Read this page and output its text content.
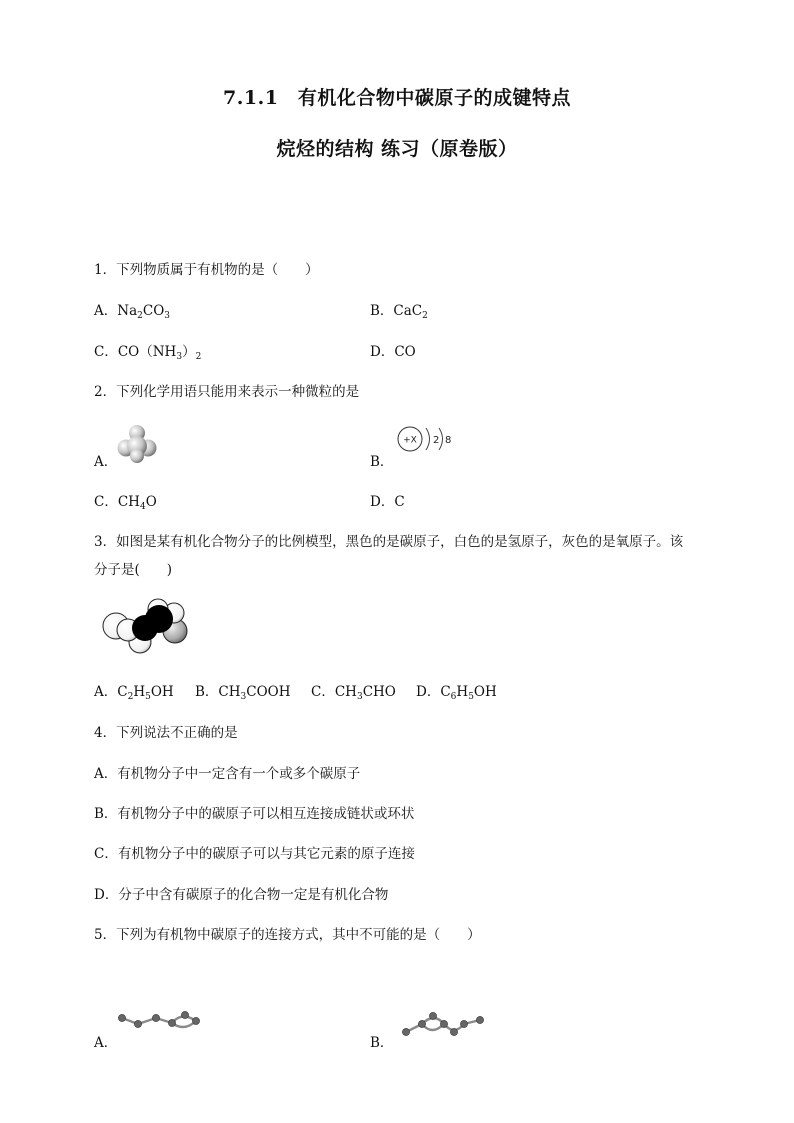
7.1.1　有机化合物中碳原子的成键特点
烷烃的结构 练习（原卷版）
1．下列物质属于有机物的是（　　）
A．$Na_2CO_3$	B．CaC$_2$
C．$CO(NH_3)_2$	D．CO
2．下列化学用语只能用来表示一种微粒的是
A．	B．
+X 2 8
C．$CH_4O$	D．C
3．如图是某有机化合物分子的比例模型，黑色的是碳原子，白色的是氢原子，灰色的是氧原子。该
分子是(　　)
A．$C_2H_5OH$ B．$CH_3COOH$ C．$CH_3CHO$ D．$C_6H_5OH$
4．下列说法不正确的是
A．有机物分子中一定含有一个或多个碳原子
B．有机物分子中的碳原子可以相互连接成链状或环状
C．有机物分子中的碳原子可以与其它元素的原子连接
D．分子中含有碳原子的化合物一定是有机化合物
5．下列为有机物中碳原子的连接方式，其中不可能的是（　　）
A．	B．
